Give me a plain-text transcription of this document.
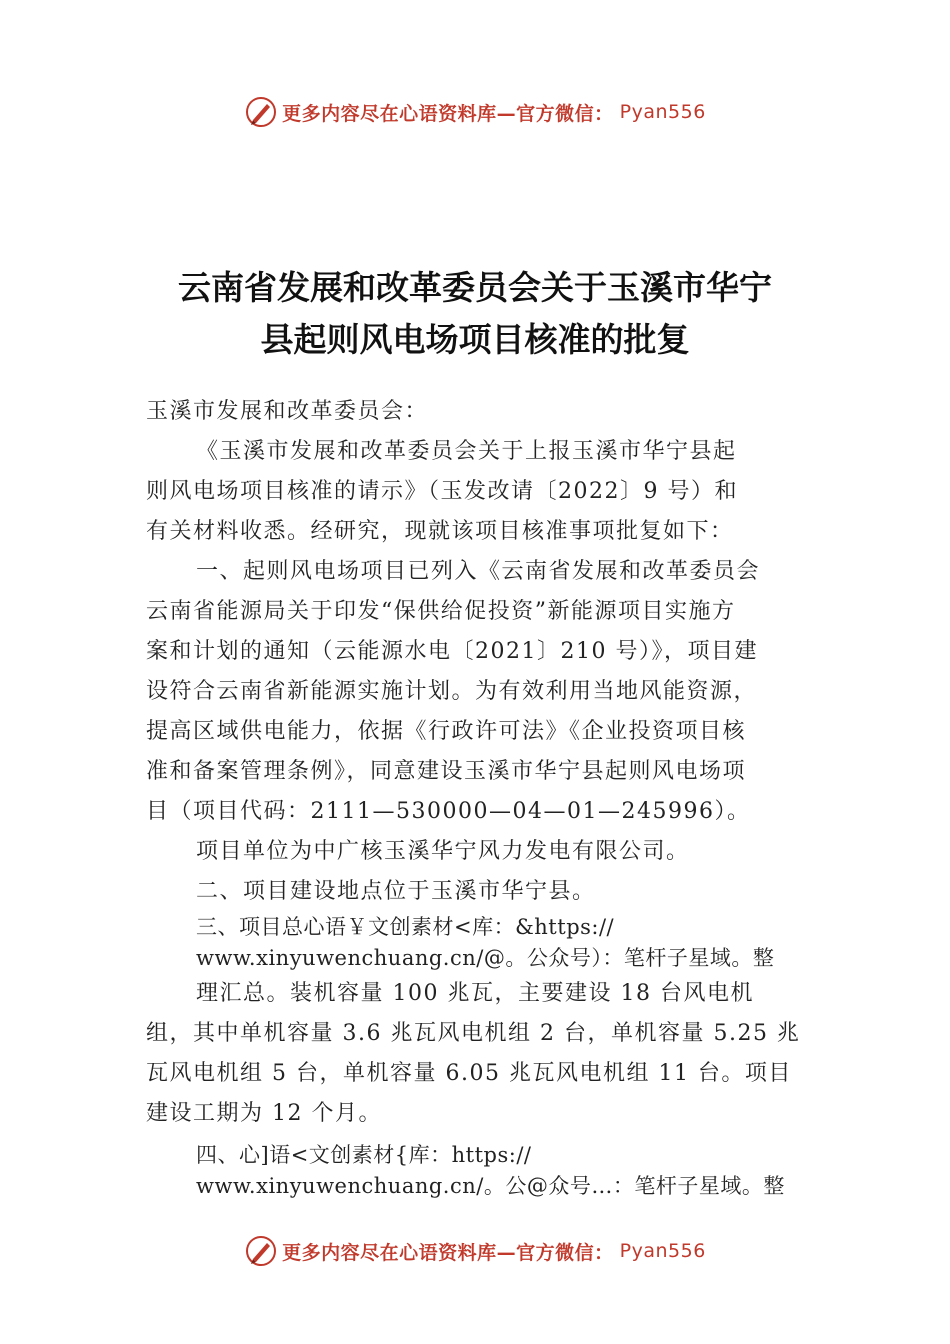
更多内容尽在心语资料库—官方微信： Pyan556
云南省发展和改革委员会关于玉溪市华宁
县起则风电场项目核准的批复

玉溪市发展和改革委员会：

《玉溪市发展和改革委员会关于上报玉溪市华宁县起

则风电场项目核准的请示》（玉发改请〔2022〕9 号）和

有关材料收悉。经研究，现就该项目核准事项批复如下：

一、起则风电场项目已列入《云南省发展和改革委员会

云南省能源局关于印发“保供给促投资”新能源项目实施方

案和计划的通知（云能源水电〔2021〕210 号）》，项目建

设符合云南省新能源实施计划。为有效利用当地风能资源，

提高区域供电能力，依据《行政许可法》《企业投资项目核

准和备案管理条例》，同意建设玉溪市华宁县起则风电场项

目（项目代码：2111—530000—04—01—245996）。

项目单位为中广核玉溪华宁风力发电有限公司。

二、项目建设地点位于玉溪市华宁县。

三、项目总心语￥文创素材<库：&https://

www.xinyuwenchuang.cn/@。公众号）：笔杆子星域。整

理汇总。装机容量 100 兆瓦，主要建设 18 台风电机

组，其中单机容量 3.6 兆瓦风电机组 2 台，单机容量 5.25 兆

瓦风电机组 5 台，单机容量 6.05 兆瓦风电机组 11 台。项目

建设工期为 12 个月。

四、心]语<文创素材{库：https://

www.xinyuwenchuang.cn/。公@众号…：笔杆子星域。整

更多内容尽在心语资料库—官方微信： Pyan556
